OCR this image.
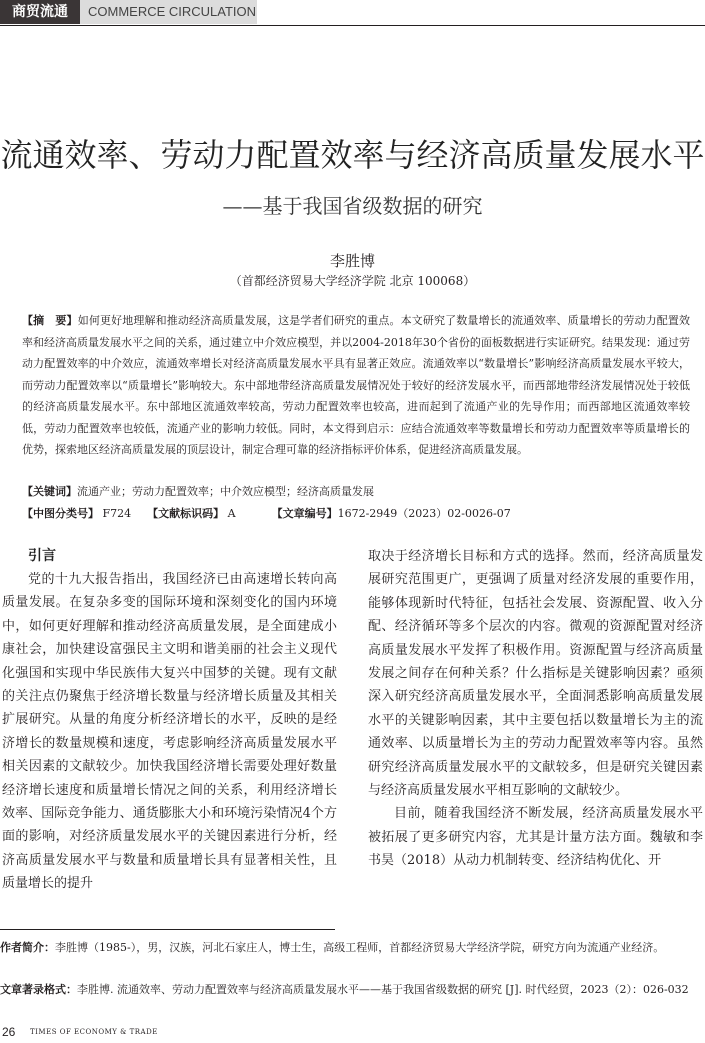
商贸流通	COMMERCE CIRCULATION
流通效率、劳动力配置效率与经济高质量发展水平
——基于我国省级数据的研究
李胜博
（首都经济贸易大学经济学院 北京 100068）
【摘　要】如何更好地理解和推动经济高质量发展，这是学者们研究的重点。本文研究了数量增长的流通效率、质量增长的劳动力配置效率和经济高质量发展水平之间的关系，通过建立中介效应模型，并以2004-2018年30个省份的面板数据进行实证研究。结果发现：通过劳动力配置效率的中介效应，流通效率增长对经济高质量发展水平具有显著正效应。流通效率以“数量增长”影响经济高质量发展水平较大，而劳动力配置效率以“质量增长”影响较大。东中部地带经济高质量发展情况处于较好的经济发展水平，而西部地带经济发展情况处于较低的经济高质量发展水平。东中部地区流通效率较高，劳动力配置效率也较高，进而起到了流通产业的先导作用；而西部地区流通效率较低，劳动力配置效率也较低，流通产业的影响力较低。同时，本文得到启示：应结合流通效率等数量增长和劳动力配置效率等质量增长的优势，探索地区经济高质量发展的顶层设计，制定合理可靠的经济指标评价体系，促进经济高质量发展。
【关键词】流通产业；劳动力配置效率；中介效应模型；经济高质量发展
【中图分类号】 F724 【文献标识码】 A	【文章编号】1672-2949（2023）02-0026-07
引言

党的十九大报告指出，我国经济已由高速增长转向高质量发展。在复杂多变的国际环境和深刻变化的国内环境中，如何更好理解和推动经济高质量发展，是全面建成小康社会，加快建设富强民主文明和谐美丽的社会主义现代化强国和实现中华民族伟大复兴中国梦的关键。现有文献的关注点仍聚焦于经济增长数量与经济增长质量及其相关扩展研究。从量的角度分析经济增长的水平，反映的是经济增长的数量规模和速度，考虑影响经济高质量发展水平相关因素的文献较少。加快我国经济增长需要处理好数量经济增长速度和质量增长情况之间的关系，利用经济增长效率、国际竞争能力、通货膨胀大小和环境污染情况4个方面的影响，对经济质量发展水平的关键因素进行分析，经济高质量发展水平与数量和质量增长具有显著相关性，且质量增长的提升

取决于经济增长目标和方式的选择。然而，经济高质量发展研究范围更广，更强调了质量对经济发展的重要作用，能够体现新时代特征，包括社会发展、资源配置、收入分配、经济循环等多个层次的内容。微观的资源配置对经济高质量发展水平发挥了积极作用。资源配置与经济高质量发展之间存在何种关系？什么指标是关键影响因素？亟须深入研究经济高质量发展水平，全面洞悉影响高质量发展水平的关键影响因素，其中主要包括以数量增长为主的流通效率、以质量增长为主的劳动力配置效率等内容。虽然研究经济高质量发展水平的文献较多，但是研究关键因素与经济高质量发展水平相互影响的文献较少。

目前，随着我国经济不断发展，经济高质量发展水平被拓展了更多研究内容，尤其是计量方法方面。魏敏和李书昊（2018）从动力机制转变、经济结构优化、开

作者简介：李胜博（1985-），男，汉族，河北石家庄人，博士生，高级工程师，首都经济贸易大学经济学院，研究方向为流通产业经济。
文章著录格式：李胜博. 流通效率、劳动力配置效率与经济高质量发展水平——基于我国省级数据的研究 [J]. 时代经贸，2023（2）：026-032
26 TIMES OF ECONOMY & TRADE
